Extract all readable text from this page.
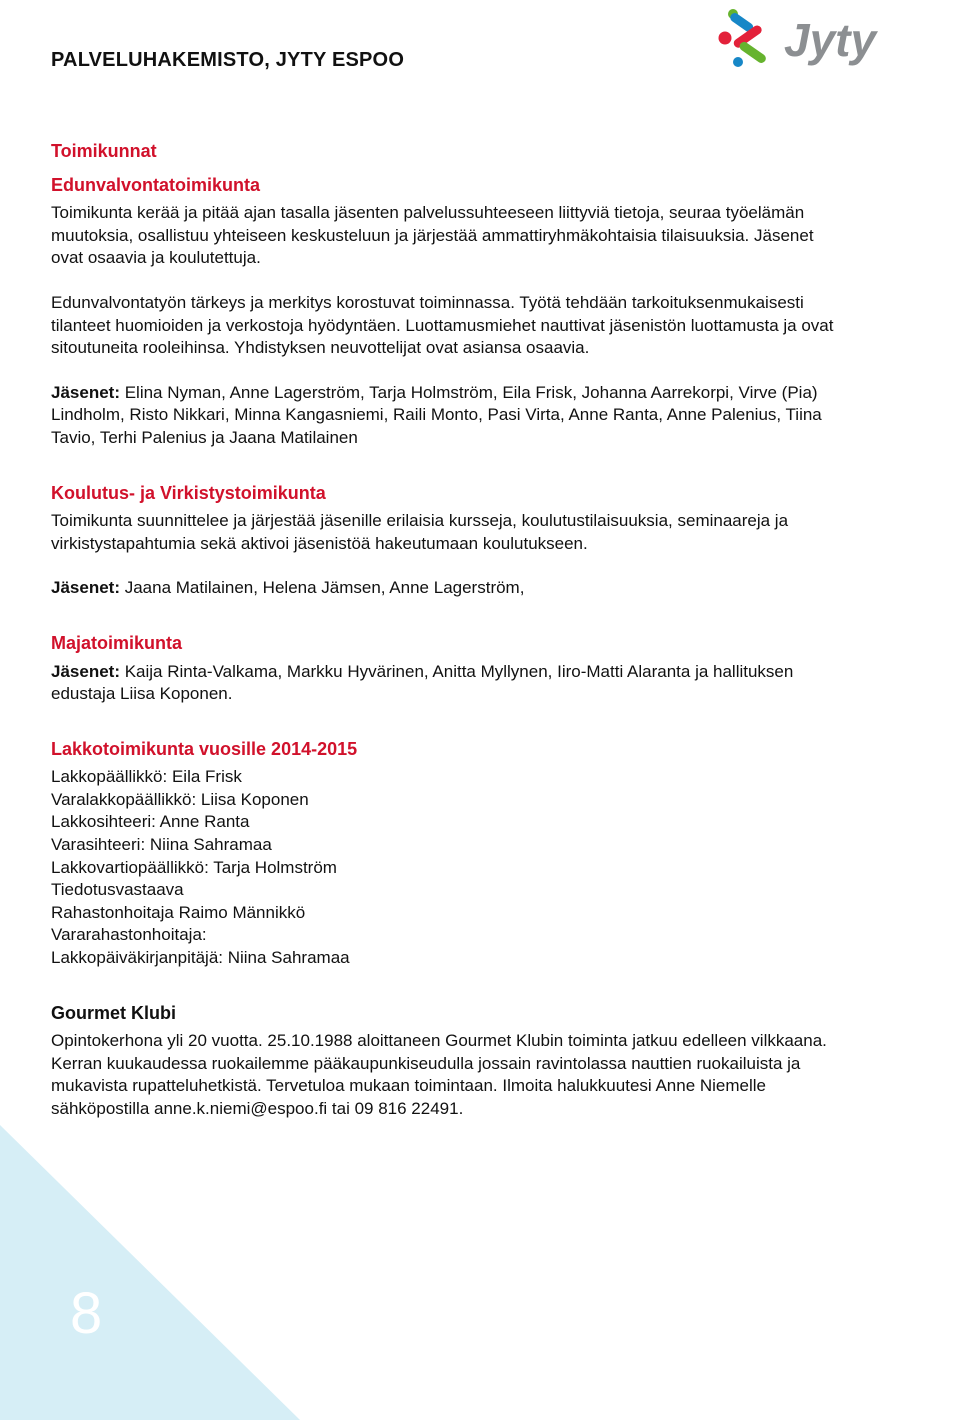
8
PALVELUHAKEMISTO, JYTY ESPOO	Jyty

Toimikunnat

Edunvalvontatoimikunta

Toimikunta kerää ja pitää ajan tasalla jäsenten palvelussuhteeseen liittyviä tietoja, seuraa työelämän

muutoksia, osallistuu yhteiseen keskusteluun ja järjestää ammattiryhmäkohtaisia tilaisuuksia. Jäsenet

ovat osaavia ja koulutettuja.

Edunvalvontatyön tärkeys ja merkitys korostuvat toiminnassa. Työtä tehdään tarkoituksenmukaisesti

tilanteet huomioiden ja verkostoja hyödyntäen. Luottamusmiehet nauttivat jäsenistön luottamusta ja ovat

sitoutuneita rooleihinsa. Yhdistyksen neuvottelijat ovat asiansa osaavia.

Jäsenet: Elina Nyman, Anne Lagerström, Tarja Holmström, Eila Frisk, Johanna Aarrekorpi, Virve (Pia)

Lindholm, Risto Nikkari, Minna Kangasniemi, Raili Monto, Pasi Virta, Anne Ranta, Anne Palenius, Tiina

Tavio, Terhi Palenius ja Jaana Matilainen

Koulutus- ja Virkistystoimikunta

Toimikunta suunnittelee ja järjestää jäsenille erilaisia kursseja, koulutustilaisuuksia, seminaareja ja

virkistystapahtumia sekä aktivoi jäsenistöä hakeutumaan koulutukseen.

Jäsenet: Jaana Matilainen, Helena Jämsen, Anne Lagerström,

Majatoimikunta

Jäsenet: Kaija Rinta-Valkama, Markku Hyvärinen, Anitta Myllynen, Iiro-Matti Alaranta ja hallituksen

edustaja Liisa Koponen.

Lakkotoimikunta vuosille 2014-2015

Lakkopäällikkö: Eila Frisk

Varalakkopäällikkö: Liisa Koponen

Lakkosihteeri: Anne Ranta

Varasihteeri: Niina Sahramaa

Lakkovartiopäällikkö: Tarja Holmström

Tiedotusvastaava

Rahastonhoitaja Raimo Männikkö

Vararahastonhoitaja:

Lakkopäiväkirjanpitäjä: Niina Sahramaa

Gourmet Klubi

Opintokerhona yli 20 vuotta. 25.10.1988 aloittaneen Gourmet Klubin toiminta jatkuu edelleen vilkkaana.

Kerran kuukaudessa ruokailemme pääkaupunkiseudulla jossain ravintolassa nauttien ruokailuista ja

mukavista rupatteluhetkistä. Tervetuloa mukaan toimintaan. Ilmoita halukkuutesi Anne Niemelle

sähköpostilla anne.k.niemi@espoo.fi tai 09 816 22491.
